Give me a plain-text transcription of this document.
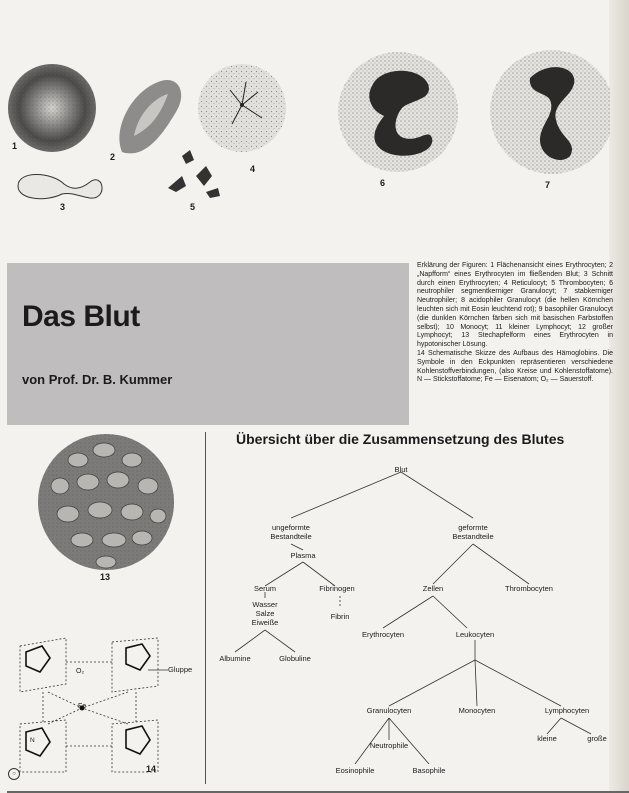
1
2
3
4
5
6	7
Das Blut
von Prof. Dr. B. Kummer

Erklärung der Figuren: 1 Flächenansicht eines Erythrocyten; 2 „Napfform“ eines Erythrocyten im fließenden Blut; 3 Schnitt durch einen Erythrocyten; 4 Reticulocyt; 5 Thrombocyten; 6 neutrophiler segmentkerniger Granulocyt; 7 stabkerniger Neutrophiler; 8 acidophiler Granulocyt (die hellen Körnchen leuchten sich mit Eosin leuchtend rot); 9 basophiler Granulocyt (die dunklen Körnchen färben sich mit basischen Farbstoffen selbst); 10 Monocyt; 11 kleiner Lymphocyt; 12 großer Lymphocyt; 13 Stechapfelform eines Erythrocyten in hypotonischer Lösung.

14 Schematische Skizze des Aufbaus des Hämoglobins. Die Symbole in den Eckpunkten repräsentieren verschiedene Kohlenstoffverbindungen, (also Kreise und Kohlenstoffatome). N — Stickstoffatome; Fe — Eisenatom; O₂ — Sauerstoff.

13
O₂	Gluppe
Fe
N
14
○
Übersicht über die Zusammensetzung des Blutes
Blut
ungeformte
Bestandteile
geformte
Bestandteile
Plasma
Serum	Fibrinogen
Fibrin
Wasser
Salze
Eiweiße
Albumine	Globuline
Zellen	Thrombocyten
Erythrocyten	Leukocyten
Granulocyten	Monocyten	Lymphocyten
Neutrophile
Eosinophile	Basophile
kleine	große
